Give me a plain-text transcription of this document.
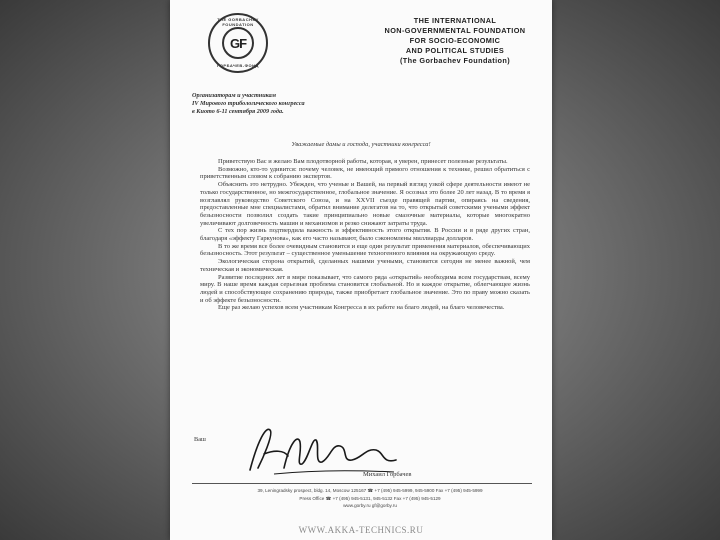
THE GORBACHEV FOUNDATION
GF
ГОРБАЧЕВ-ФОНД
THE INTERNATIONAL
NON-GOVERNMENTAL FOUNDATION
FOR SOCIO-ECONOMIC
AND POLITICAL STUDIES
(The Gorbachev Foundation)
Организаторам и участникам
IV Мирового трибологического конгресса
в Киото 6-11 сентября 2009 года.
Уважаемые дамы и господа, участники конгресса!

Приветствую Вас и желаю Вам плодотворной работы, которая, я уверен, принесет полезные результаты.

Возможно, кто-то удивится: почему человек, не имеющий прямого отношения к технике, решил обратиться с приветственным словом к собранию экспертов.

Объяснить это нетрудно. Убежден, что ученые и Вашей, на первый взгляд узкой сфере деятельности имеют не только государственное, но межгосударственное, глобальное значение. Я осознал это более 20 лет назад. В то время я возглавлял руководство Советского Союза, и на XXVII съезде правящей партии, опираясь на сведения, предоставленные мне специалистами, обратил внимание делегатов на то, что открытый советскими учеными эффект безызносности позволил создать такие принципиально новые смазочные материалы, которые многократно увеличивают долговечность машин и механизмов и резко снижают затраты труда.

С тех пор жизнь подтвердила важность и эффективность этого открытия. В России и в ряде других стран, благодаря «эффекту Гаркунова», как его часто называют, было сэкономлены миллиарды долларов.

В то же время все более очевидным становится и еще один результат применения материалов, обеспечивающих безызносность. Этот результат – существенное уменьшение техногенного влияния на окружающую среду.

Экологическая сторона открытий, сделанных нашими учеными, становится сегодня не менее важной, чем техническая и экономическая.

Развитие последних лет в мире показывает, что самого ряда «открытий» необходима всем государствам, всему миру. В наше время каждая серьезная проблема становится глобальной. Но и каждое открытие, облегчающее жизнь людей и способствующее сохранению природы, также приобретает глобальное значение. Это по праву можно сказать и об эффекте безызносности.

Еще раз желаю успехов всем участникам Конгресса в их работе на благо людей, на благо человечества.

Ваш
Михаил Горбачев
39, Leningradsky prospect, bldg. 14, Moscow 125167 ☎ +7 (495) 945-5999, 945-5900 Fax +7 (495) 945-5999
Press Office ☎ +7 (495) 945-5131, 945-5132 Fax +7 (495) 945-5129
www.gorby.ru gf@gorby.ru
WWW.AKKA-TECHNICS.RU
